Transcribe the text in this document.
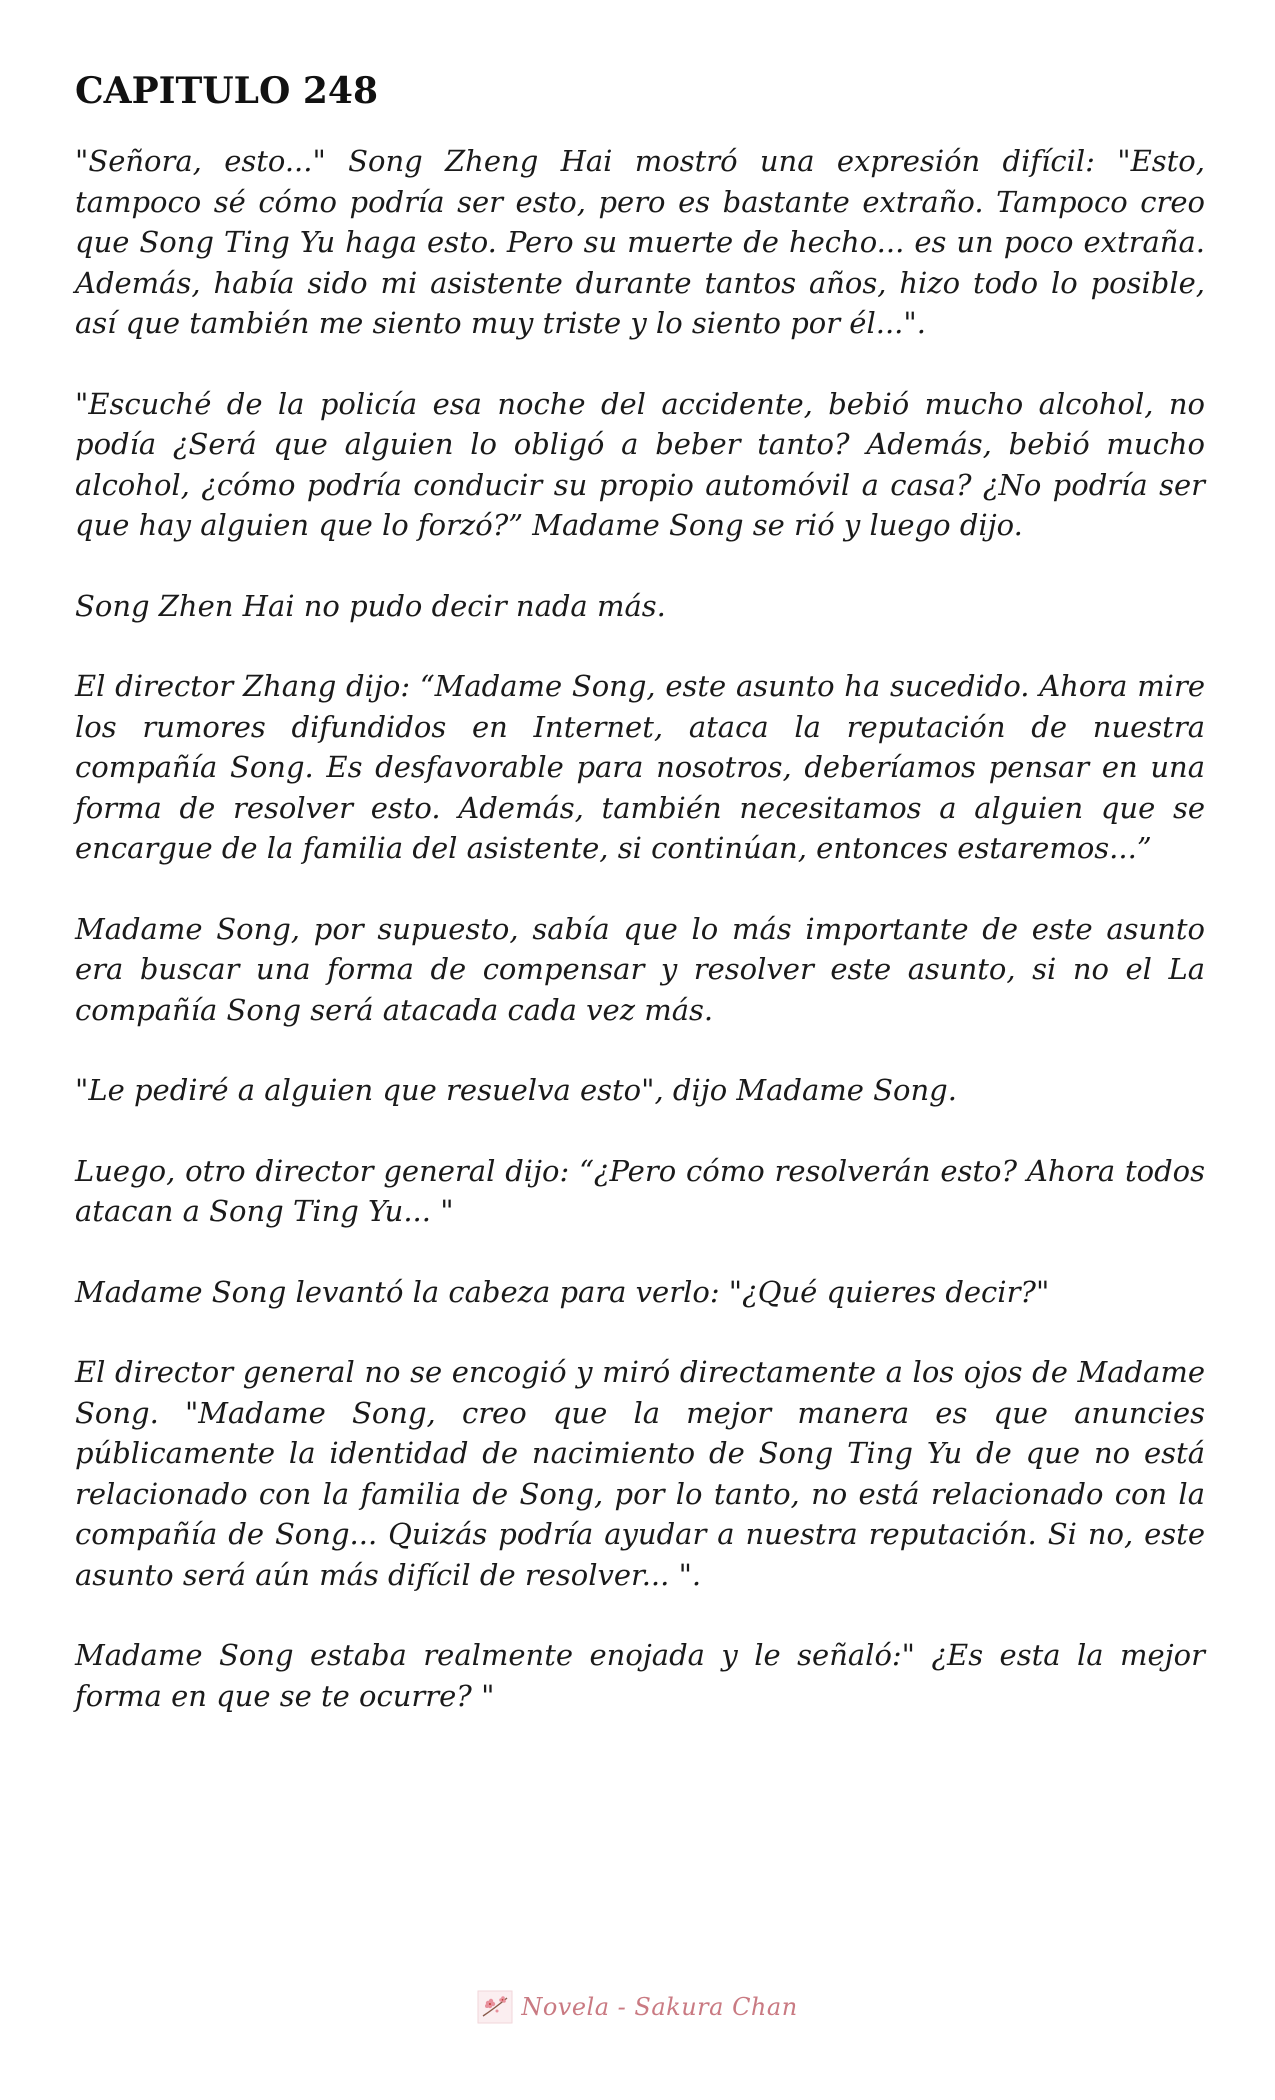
CAPITULO 248

"Señora, esto..." Song Zheng Hai mostró una expresión difícil: "Esto, tampoco sé cómo podría ser esto, pero es bastante extraño. Tampoco creo que Song Ting Yu haga esto. Pero su muerte de hecho... es un poco extraña. Además, había sido mi asistente durante tantos años, hizo todo lo posible, así que también me siento muy triste y lo siento por él...".

"Escuché de la policía esa noche del accidente, bebió mucho alcohol, no podía ¿Será que alguien lo obligó a beber tanto? Además, bebió mucho alcohol, ¿cómo podría conducir su propio automóvil a casa? ¿No podría ser que hay alguien que lo forzó?” Madame Song se rió y luego dijo.

Song Zhen Hai no pudo decir nada más.

El director Zhang dijo: “Madame Song, este asunto ha sucedido. Ahora mire los rumores difundidos en Internet, ataca la reputación de nuestra compañía Song. Es desfavorable para nosotros, deberíamos pensar en una forma de resolver esto. Además, también necesitamos a alguien que se encargue de la familia del asistente, si continúan, entonces estaremos...”

Madame Song, por supuesto, sabía que lo más importante de este asunto era buscar una forma de compensar y resolver este asunto, si no el La compañía Song será atacada cada vez más.

"Le pediré a alguien que resuelva esto", dijo Madame Song.

Luego, otro director general dijo: “¿Pero cómo resolverán esto? Ahora todos atacan a Song Ting Yu... "

Madame Song levantó la cabeza para verlo: "¿Qué quieres decir?"

El director general no se encogió y miró directamente a los ojos de Madame Song. "Madame Song, creo que la mejor manera es que anuncies públicamente la identidad de nacimiento de Song Ting Yu de que no está relacionado con la familia de Song, por lo tanto, no está relacionado con la compañía de Song... Quizás podría ayudar a nuestra reputación. Si no, este asunto será aún más difícil de resolver... ".

Madame Song estaba realmente enojada y le señaló:" ¿Es esta la mejor forma en que se te ocurre? "

Novela - Sakura Chan
